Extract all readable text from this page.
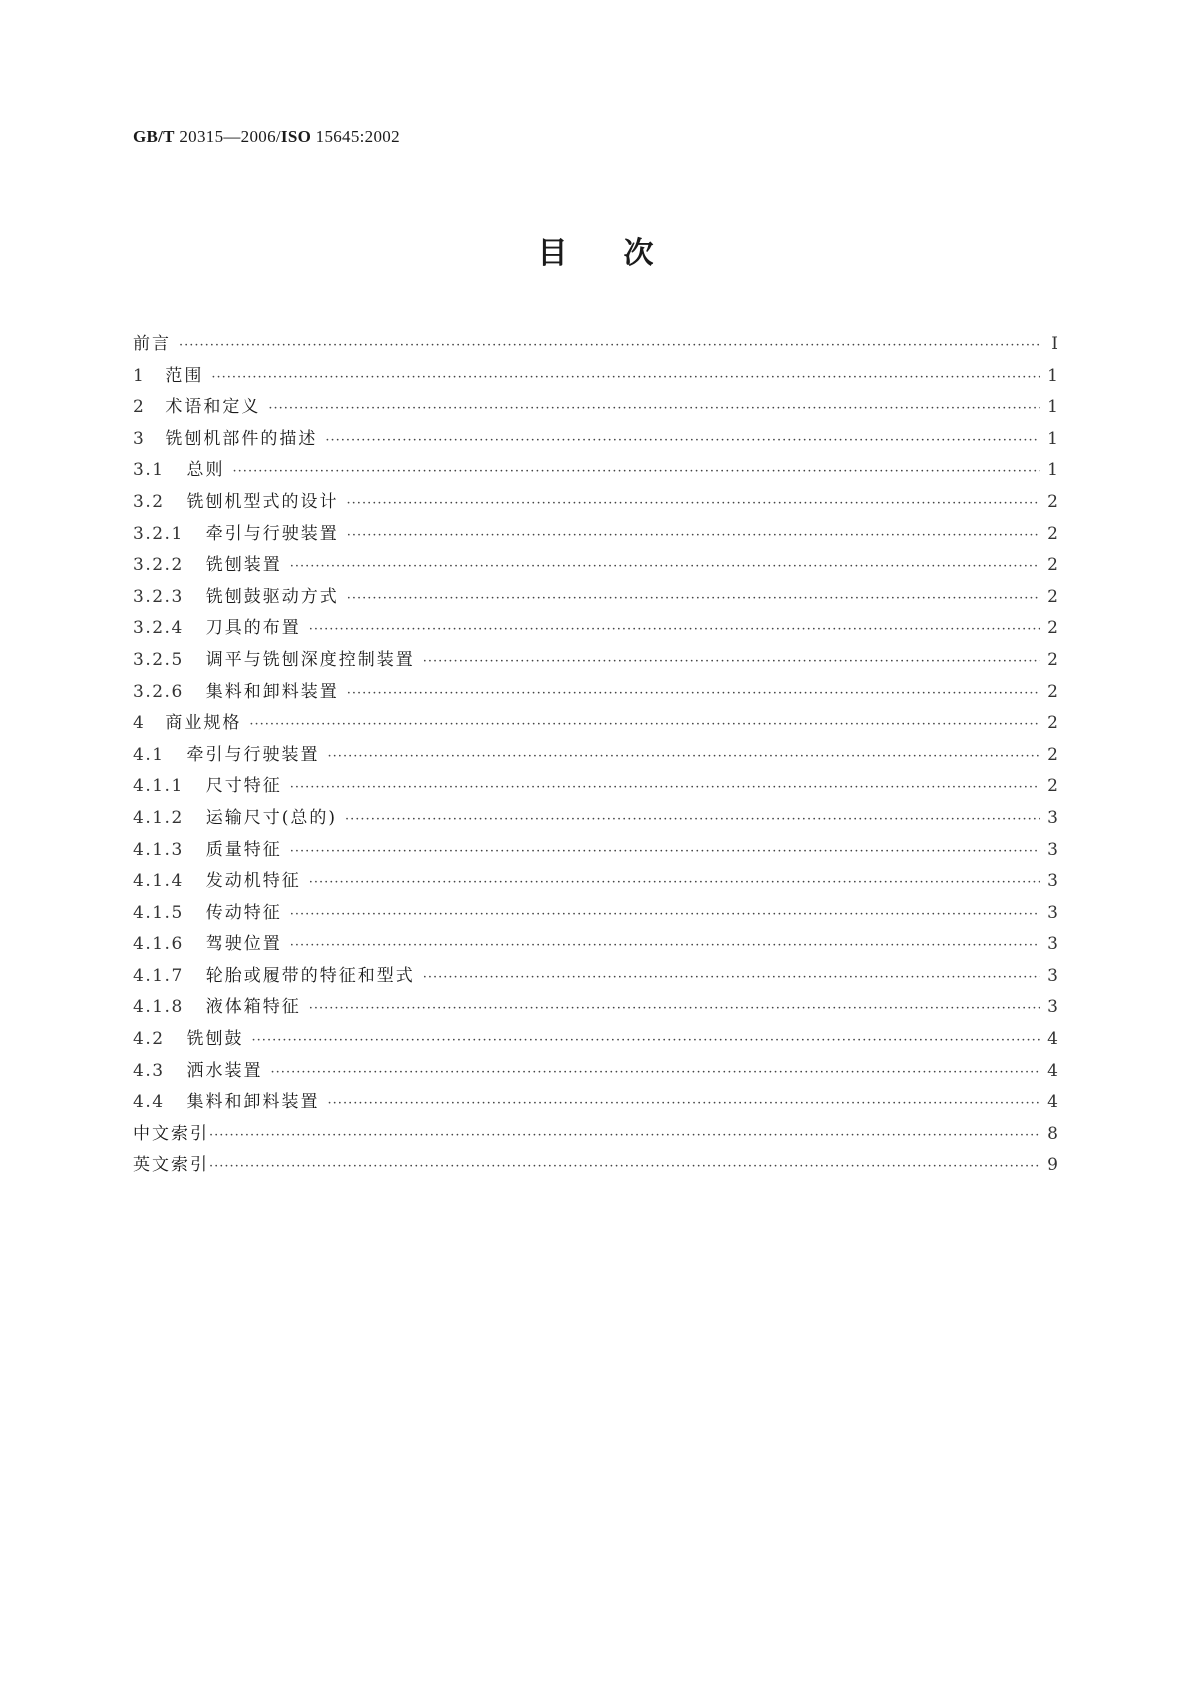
GB/T 20315—2006/ISO 15645:2002
目次
前言 ·····	I
1 范围 ·····	1
2 术语和定义 ·····	1
3 铣刨机部件的描述 ·····	1
3.1 总则 ·····	1
3.2 铣刨机型式的设计 ·····	2
3.2.1 牵引与行驶装置 ·····	2
3.2.2 铣刨装置 ·····	2
3.2.3 铣刨鼓驱动方式 ·····	2
3.2.4 刀具的布置 ·····	2
3.2.5 调平与铣刨深度控制装置 ·····	2
3.2.6 集料和卸料装置 ·····	2
4 商业规格 ·····	2
4.1 牵引与行驶装置 ·····	2
4.1.1 尺寸特征 ·····	2
4.1.2 运输尺寸(总的) ·····	3
4.1.3 质量特征 ·····	3
4.1.4 发动机特征 ·····	3
4.1.5 传动特征 ·····	3
4.1.6 驾驶位置 ·····	3
4.1.7 轮胎或履带的特征和型式 ·····	3
4.1.8 液体箱特征 ·····	3
4.2 铣刨鼓 ·····	4
4.3 洒水装置 ·····	4
4.4 集料和卸料装置 ·····	4
中文索引 ·····	8
英文索引 ·····	9
